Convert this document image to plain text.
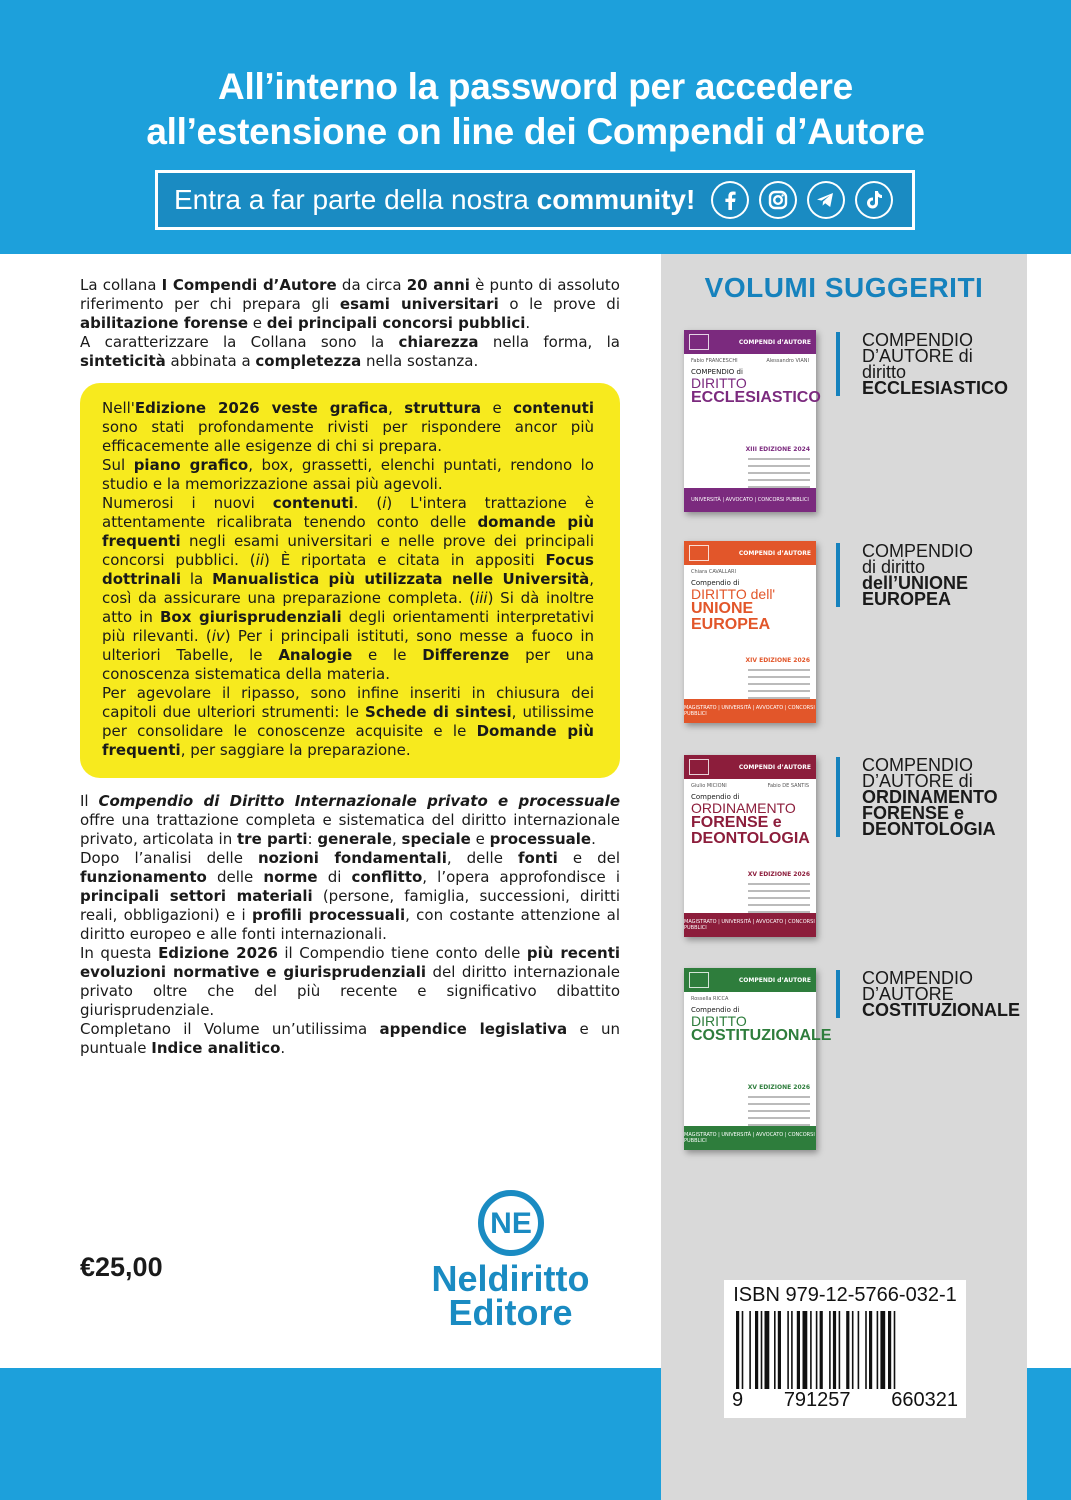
All’interno la password per accedere
all’estensione on line dei Compendi d’Autore
Entra a far parte della nostra community!
VOLUMI SUGGERITI
COMPENDI d’AUTORE
Fabio FRANCESCHI	Alessandro VIANI
COMPENDIO di
DIRITTO
ECCLESIASTICO
XIII EDIZIONE 2024
UNIVERSITÀ | AVVOCATO | CONCORSI PUBBLICI
COMPENDIO
D’AUTORE di
diritto
ECCLESIASTICO
COMPENDI d’AUTORE
Chiara CAVALLARI
Compendio di
DIRITTO dell'
UNIONE EUROPEA
XIV EDIZIONE 2026
MAGISTRATO | UNIVERSITÀ | AVVOCATO | CONCORSI PUBBLICI
COMPENDIO
di diritto
dell’UNIONE
EUROPEA
COMPENDI d’AUTORE
Giulio MICIONI	Fabio DE SANTIS
Compendio di
ORDINAMENTO
FORENSE e DEONTOLOGIA
XV EDIZIONE 2026
MAGISTRATO | UNIVERSITÀ | AVVOCATO | CONCORSI PUBBLICI
COMPENDIO
D’AUTORE di
ORDINAMENTO
FORENSE e
DEONTOLOGIA
COMPENDI d’AUTORE
Rossella RICCA
Compendio di
DIRITTO
COSTITUZIONALE
XV EDIZIONE 2026
MAGISTRATO | UNIVERSITÀ | AVVOCATO | CONCORSI PUBBLICI
COMPENDIO
D’AUTORE
COSTITUZIONALE

La collana I Compendi d’Autore da circa 20 anni è punto di assoluto riferimento per chi prepara gli esami universitari o le prove di abilitazione forense e dei principali concorsi pubblici.

A caratterizzare la Collana sono la chiarezza nella forma, la sinteticità abbinata a completezza nella sostanza.

Nell'Edizione 2026 veste grafica, struttura e contenuti sono stati profondamente rivisti per rispondere ancor più efficacemente alle esigenze di chi si prepara.

Sul piano grafico, box, grassetti, elenchi puntati, rendono lo studio e la memorizzazione assai più agevoli.

Numerosi i nuovi contenuti. (i) L'intera trattazione è attentamente ricalibrata tenendo conto delle domande più frequenti negli esami universitari e nelle prove dei principali concorsi pubblici. (ii) È riportata e citata in appositi Focus dottrinali la Manualistica più utilizzata nelle Università, così da assicurare una preparazione completa. (iii) Si dà inoltre atto in Box giurisprudenziali degli orientamenti interpretativi più rilevanti. (iv) Per i principali istituti, sono messe a fuoco in ulteriori Tabelle, le Analogie e le Differenze per una conoscenza sistematica della materia.

Per agevolare il ripasso, sono infine inseriti in chiusura dei capitoli due ulteriori strumenti: le Schede di sintesi, utilissime per consolidare le conoscenze acquisite e le Domande più frequenti, per saggiare la preparazione.

Il Compendio di Diritto Internazionale privato e processuale offre una trattazione completa e sistematica del diritto internazionale privato, articolata in tre parti: generale, speciale e processuale.

Dopo l’analisi delle nozioni fondamentali, delle fonti e del funzionamento delle norme di conflitto, l’opera approfondisce i principali settori materiali (persone, famiglia, successioni, diritti reali, obbligazioni) e i profili processuali, con costante attenzione al diritto europeo e alle fonti internazionali.

In questa Edizione 2026 il Compendio tiene conto delle più recenti evoluzioni normative e giurisprudenziali del diritto internazionale privato oltre che del più recente e significativo dibattito giurisprudenziale.

Completano il Volume un’utilissima appendice legislativa e un puntuale Indice analitico.

€25,00
NE
Neldiritto
Editore	ISBN 979-12-5766-032-1
9 791257 660321
